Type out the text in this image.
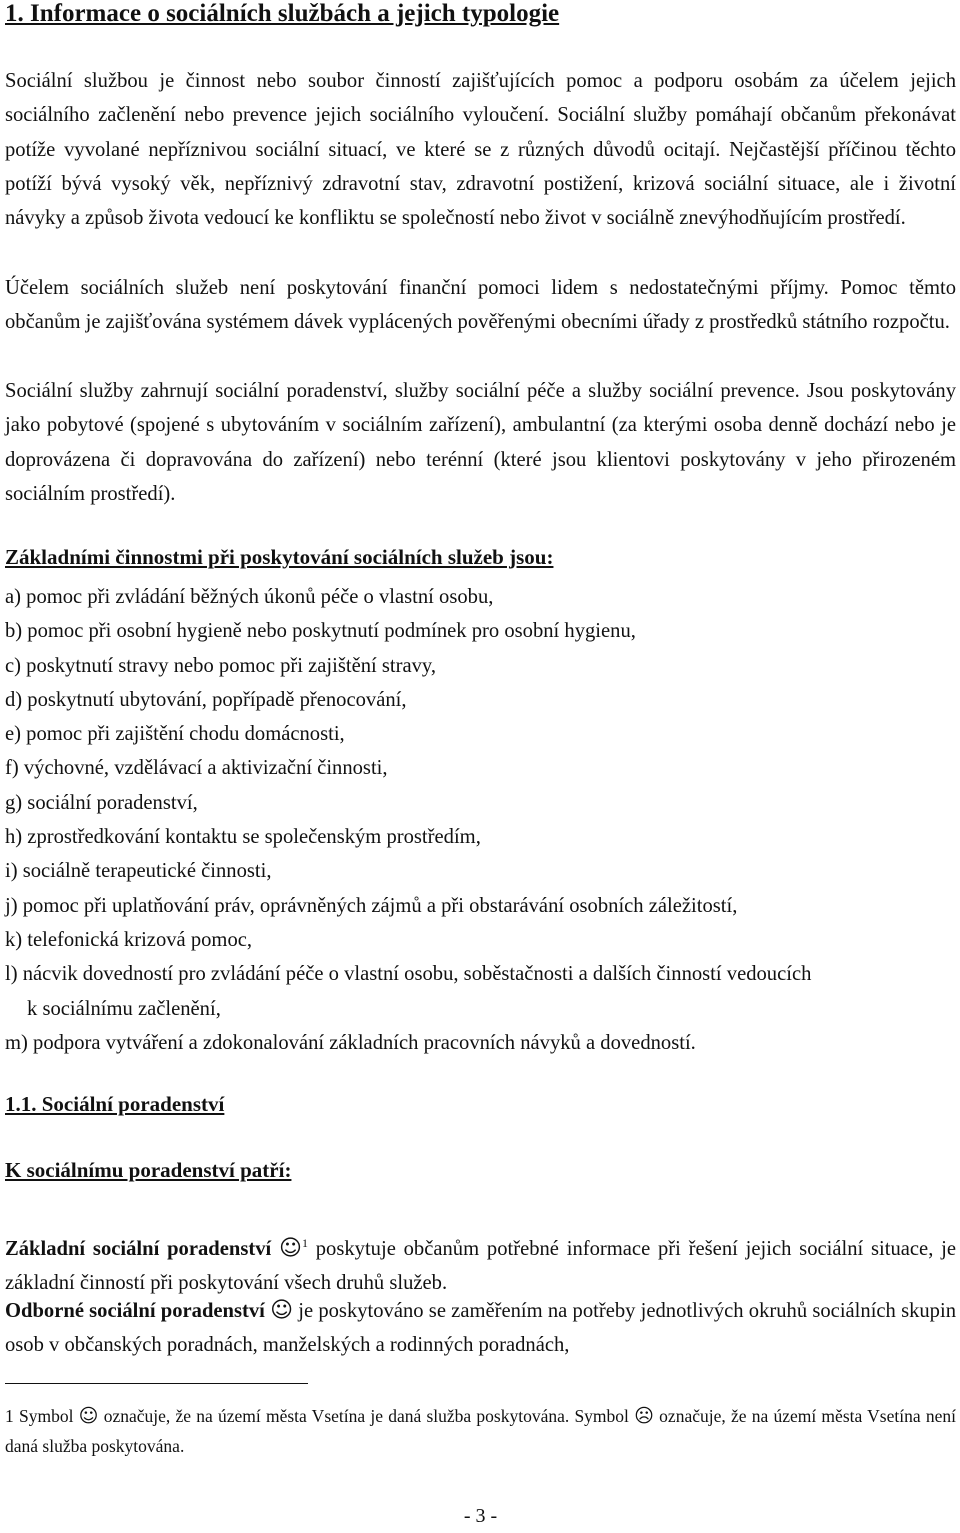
1. Informace o sociálních službách a jejich typologie

Sociální službou je činnost nebo soubor činností zajišťujících pomoc a podporu osobám za účelem jejich sociálního začlenění nebo prevence jejich sociálního vyloučení. Sociální služby pomáhají občanům překonávat potíže vyvolané nepříznivou sociální situací, ve které se z různých důvodů ocitají. Nejčastější příčinou těchto potíží bývá vysoký věk, nepříznivý zdravotní stav, zdravotní postižení, krizová sociální situace, ale i životní návyky a způsob života vedoucí ke konfliktu se společností nebo život v sociálně znevýhodňujícím prostředí.

Účelem sociálních služeb není poskytování finanční pomoci lidem s nedostatečnými příjmy. Pomoc těmto občanům je zajišťována systémem dávek vyplácených pověřenými obecními úřady z prostředků státního rozpočtu.

Sociální služby zahrnují sociální poradenství, služby sociální péče a služby sociální prevence. Jsou poskytovány jako pobytové (spojené s ubytováním v sociálním zařízení), ambulantní (za kterými osoba denně dochází nebo je doprovázena či dopravována do zařízení) nebo terénní (které jsou klientovi poskytovány v jeho přirozeném sociálním prostředí).

Základními činnostmi při poskytování sociálních služeb jsou:

a) pomoc při zvládání běžných úkonů péče o vlastní osobu,
b) pomoc při osobní hygieně nebo poskytnutí podmínek pro osobní hygienu,
c) poskytnutí stravy nebo pomoc při zajištění stravy,
d) poskytnutí ubytování, popřípadě přenocování,
e) pomoc při zajištění chodu domácnosti,
f) výchovné, vzdělávací a aktivizační činnosti,
g) sociální poradenství,
h) zprostředkování kontaktu se společenským prostředím,
i) sociálně terapeutické činnosti,
j) pomoc při uplatňování práv, oprávněných zájmů a při obstarávání osobních záležitostí,
k) telefonická krizová pomoc,
l) nácvik dovedností pro zvládání péče o vlastní osobu, soběstačnosti a dalších činností vedoucích
k sociálnímu začlenění,
m) podpora vytváření a zdokonalování základních pracovních návyků a dovedností.

1.1. Sociální poradenství

K sociálnímu poradenství patří:

Základní sociální poradenství ☺$^1$ poskytuje občanům potřebné informace při řešení jejich sociální situace, je základní činností při poskytování všech druhů služeb.

Odborné sociální poradenství ☺ je poskytováno se zaměřením na potřeby jednotlivých okruhů sociálních skupin osob v občanských poradnách, manželských a rodinných poradnách,

1 Symbol ☺ označuje, že na území města Vsetína je daná služba poskytována. Symbol ☹ označuje, že na území města Vsetína není daná služba poskytována.

- 3 -
